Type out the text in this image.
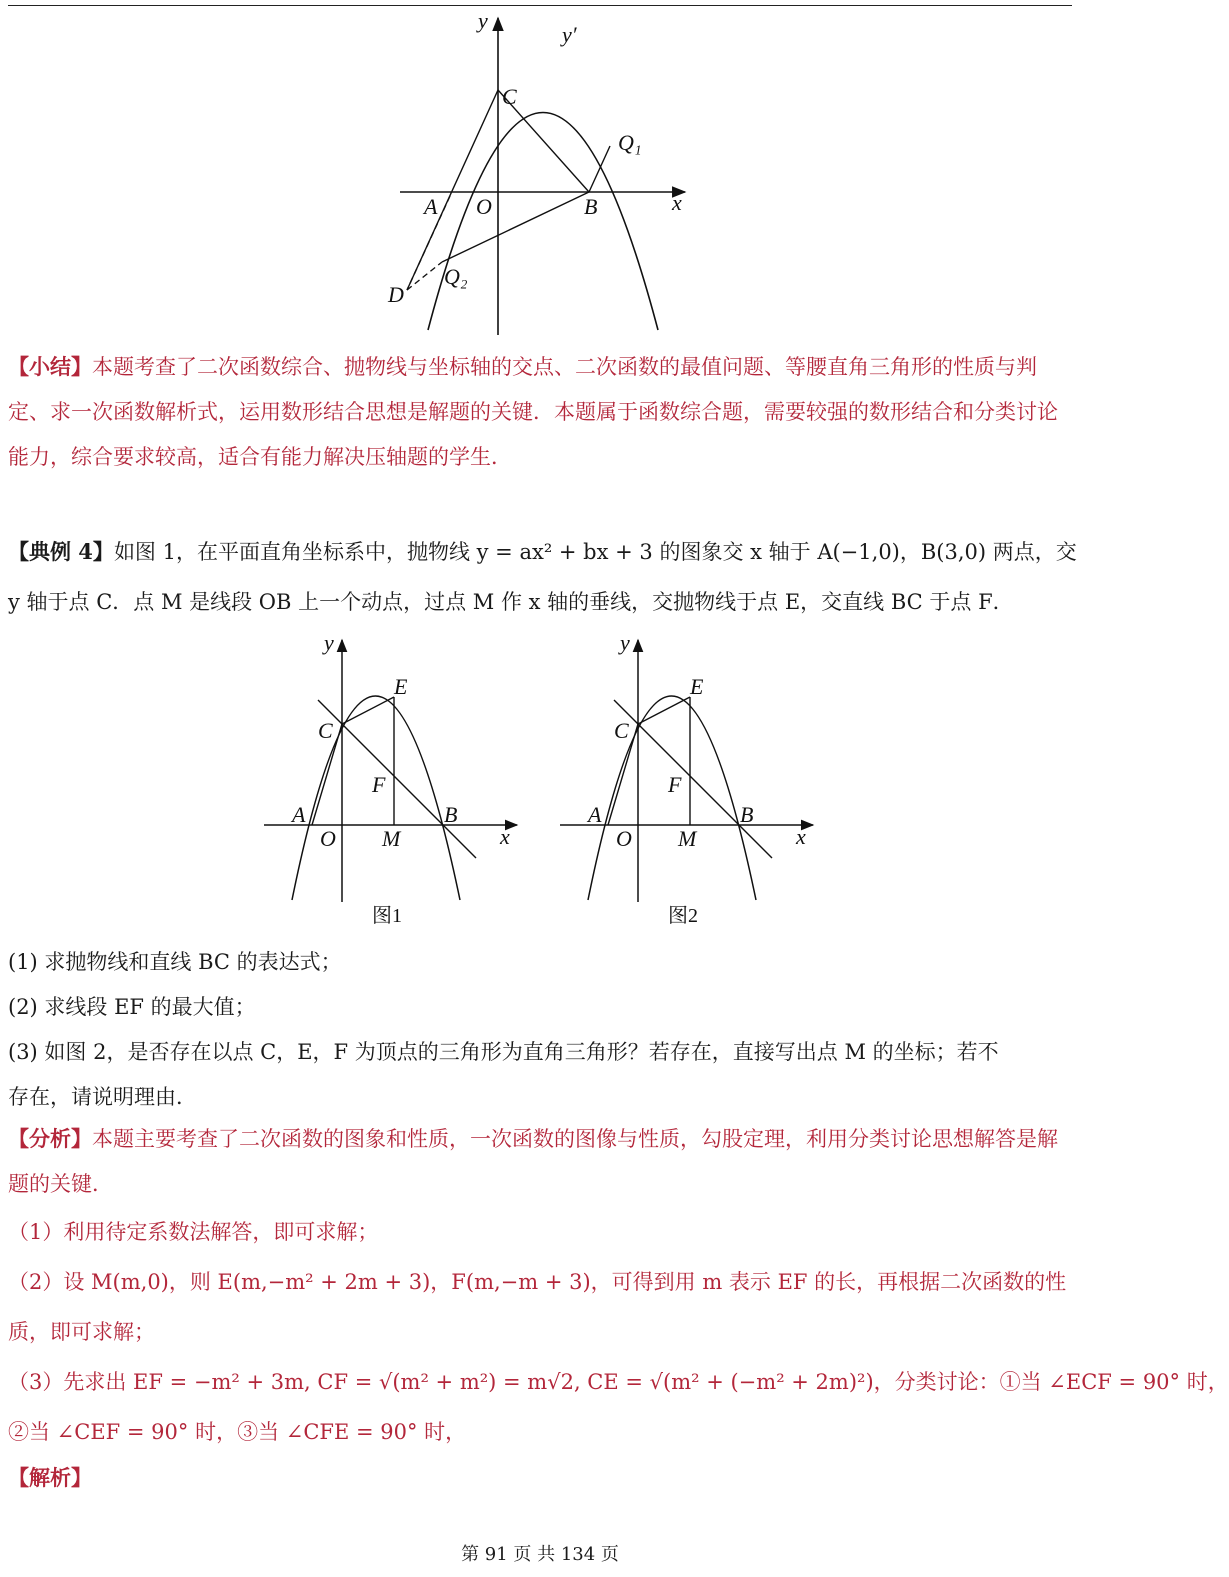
y
y′
C
Q₁
A O	B	x
Q₂
D
【小结】本题考查了二次函数综合、抛物线与坐标轴的交点、二次函数的最值问题、等腰直角三角形的性质与判定、求一次函数解析式，运用数形结合思想是解题的关键．本题属于函数综合题，需要较强的数形结合和分类讨论能力，综合要求较高，适合有能力解决压轴题的学生．
【典例 4】如图 1，在平面直角坐标系中，抛物线 y = ax² + bx + 3 的图象交 x 轴于 A(−1,0)，B(3,0) 两点，交
y 轴于点 C．点 M 是线段 OB 上一个动点，过点 M 作 x 轴的垂线，交抛物线于点 E，交直线 BC 于点 F．
y
E
C
F
A	B
O M	x
图1
y
E
C
F
A	B
O M	x
图2
(1) 求抛物线和直线 BC 的表达式；
(2) 求线段 EF 的最大值；
(3) 如图 2，是否存在以点 C，E，F 为顶点的三角形为直角三角形？若存在，直接写出点 M 的坐标；若不
存在，请说明理由．
【分析】本题主要考查了二次函数的图象和性质，一次函数的图像与性质，勾股定理，利用分类讨论思想解答是解题的关键．
（1）利用待定系数法解答，即可求解；
（2）设 M(m,0)，则 E(m,−m² + 2m + 3)，F(m,−m + 3)，可得到用 m 表示 EF 的长，再根据二次函数的性
质，即可求解；
（3）先求出 EF = −m² + 3m, CF = √(m² + m²) = m√2, CE = √(m² + (−m² + 2m)²)，分类讨论：①当 ∠ECF = 90° 时，
②当 ∠CEF = 90° 时，③当 ∠CFE = 90° 时，
【解析】
第 91 页 共 134 页
